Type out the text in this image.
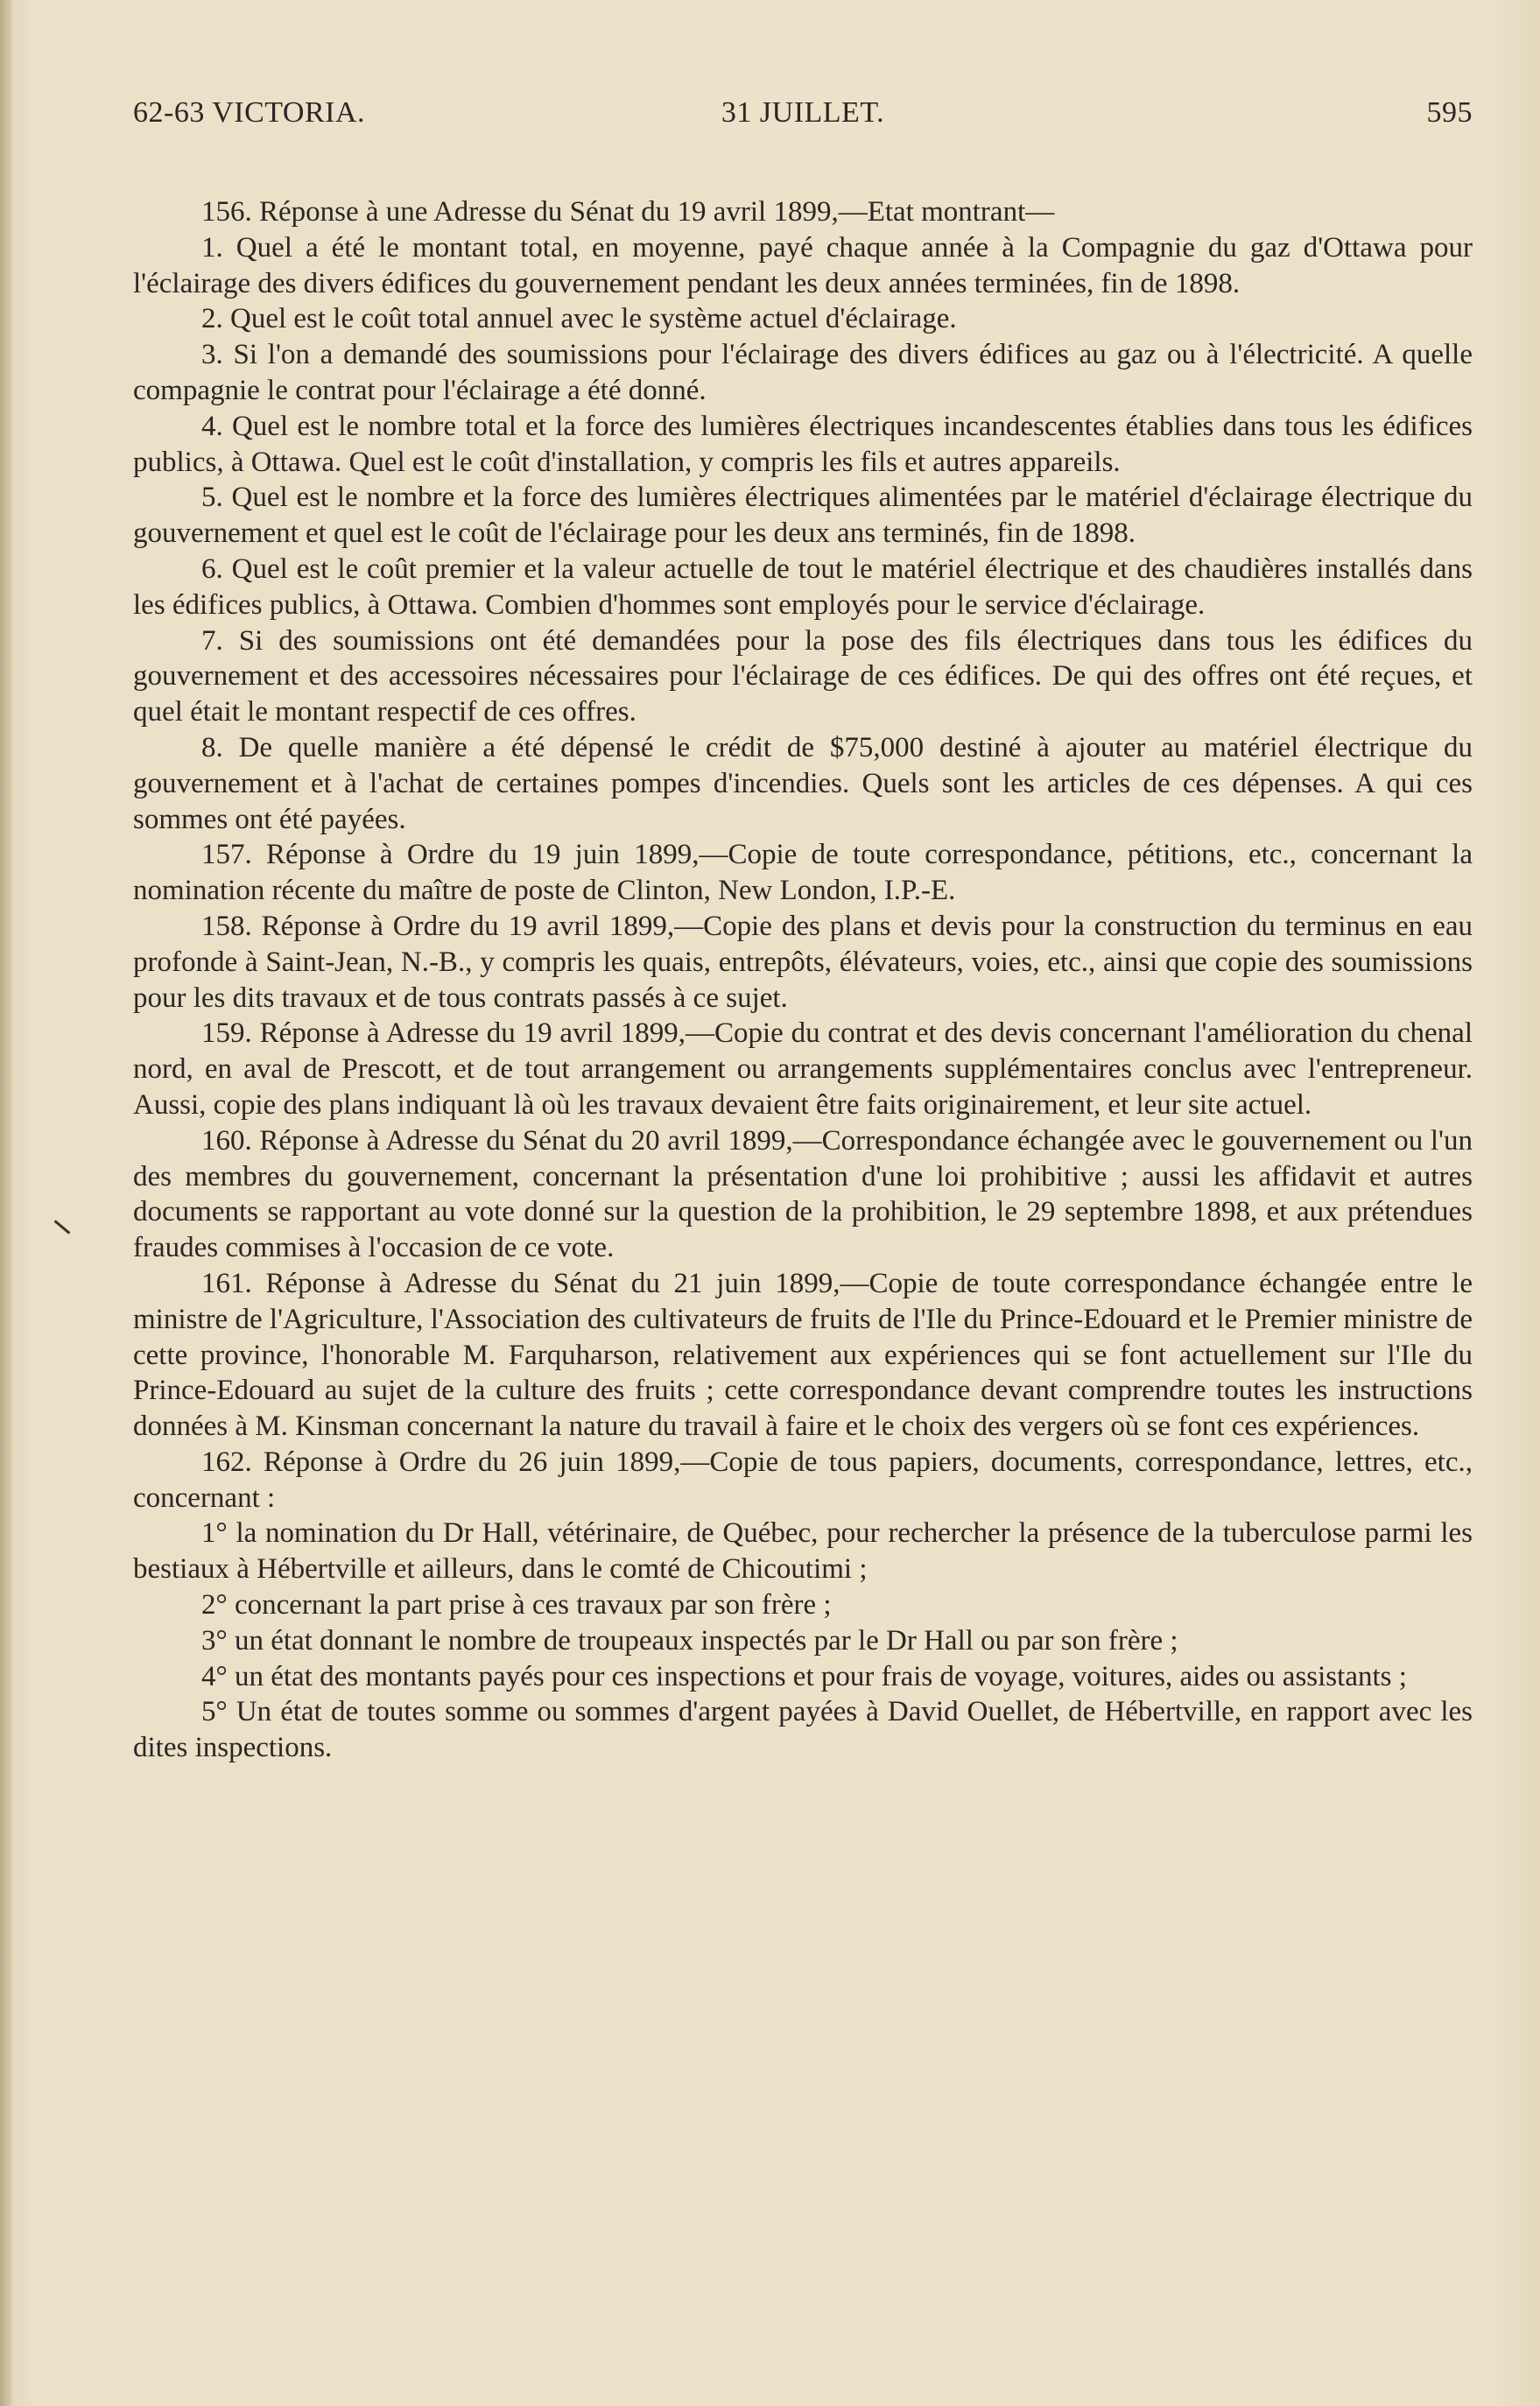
62-63 VICTORIA.	31 JUILLET.	595

156. Réponse à une Adresse du Sénat du 19 avril 1899,—Etat montrant—

1. Quel a été le montant total, en moyenne, payé chaque année à la Compagnie du gaz d'Ottawa pour l'éclairage des divers édifices du gouvernement pendant les deux années terminées, fin de 1898.

2. Quel est le coût total annuel avec le système actuel d'éclairage.

3. Si l'on a demandé des soumissions pour l'éclairage des divers édifices au gaz ou à l'électricité. A quelle compagnie le contrat pour l'éclairage a été donné.

4. Quel est le nombre total et la force des lumières électriques incandescentes établies dans tous les édifices publics, à Ottawa. Quel est le coût d'installation, y compris les fils et autres appareils.

5. Quel est le nombre et la force des lumières électriques alimentées par le matériel d'éclairage électrique du gouvernement et quel est le coût de l'éclairage pour les deux ans terminés, fin de 1898.

6. Quel est le coût premier et la valeur actuelle de tout le matériel électrique et des chaudières installés dans les édifices publics, à Ottawa. Combien d'hommes sont employés pour le service d'éclairage.

7. Si des soumissions ont été demandées pour la pose des fils électriques dans tous les édifices du gouvernement et des accessoires nécessaires pour l'éclairage de ces édifices. De qui des offres ont été reçues, et quel était le montant respectif de ces offres.

8. De quelle manière a été dépensé le crédit de $75,000 destiné à ajouter au matériel électrique du gouvernement et à l'achat de certaines pompes d'incendies. Quels sont les articles de ces dépenses. A qui ces sommes ont été payées.

157. Réponse à Ordre du 19 juin 1899,—Copie de toute correspondance, pétitions, etc., concernant la nomination récente du maître de poste de Clinton, New London, I.P.-E.

158. Réponse à Ordre du 19 avril 1899,—Copie des plans et devis pour la construction du terminus en eau profonde à Saint-Jean, N.-B., y compris les quais, entrepôts, élévateurs, voies, etc., ainsi que copie des soumissions pour les dits travaux et de tous contrats passés à ce sujet.

159. Réponse à Adresse du 19 avril 1899,—Copie du contrat et des devis concernant l'amélioration du chenal nord, en aval de Prescott, et de tout arrangement ou arrangements supplémentaires conclus avec l'entrepreneur. Aussi, copie des plans indiquant là où les travaux devaient être faits originairement, et leur site actuel.

160. Réponse à Adresse du Sénat du 20 avril 1899,—Correspondance échangée avec le gouvernement ou l'un des membres du gouvernement, concernant la présentation d'une loi prohibitive ; aussi les affidavit et autres documents se rapportant au vote donné sur la question de la prohibition, le 29 septembre 1898, et aux prétendues fraudes commises à l'occasion de ce vote.

161. Réponse à Adresse du Sénat du 21 juin 1899,—Copie de toute correspondance échangée entre le ministre de l'Agriculture, l'Association des cultivateurs de fruits de l'Ile du Prince-Edouard et le Premier ministre de cette province, l'honorable M. Farquharson, relativement aux expériences qui se font actuellement sur l'Ile du Prince-Edouard au sujet de la culture des fruits ; cette correspondance devant comprendre toutes les instructions données à M. Kinsman concernant la nature du travail à faire et le choix des vergers où se font ces expériences.

162. Réponse à Ordre du 26 juin 1899,—Copie de tous papiers, documents, correspondance, lettres, etc., concernant :

1° la nomination du Dr Hall, vétérinaire, de Québec, pour rechercher la présence de la tuberculose parmi les bestiaux à Hébertville et ailleurs, dans le comté de Chicoutimi ;

2° concernant la part prise à ces travaux par son frère ;

3° un état donnant le nombre de troupeaux inspectés par le Dr Hall ou par son frère ;

4° un état des montants payés pour ces inspections et pour frais de voyage, voitures, aides ou assistants ;

5° Un état de toutes somme ou sommes d'argent payées à David Ouellet, de Hébertville, en rapport avec les dites inspections.
